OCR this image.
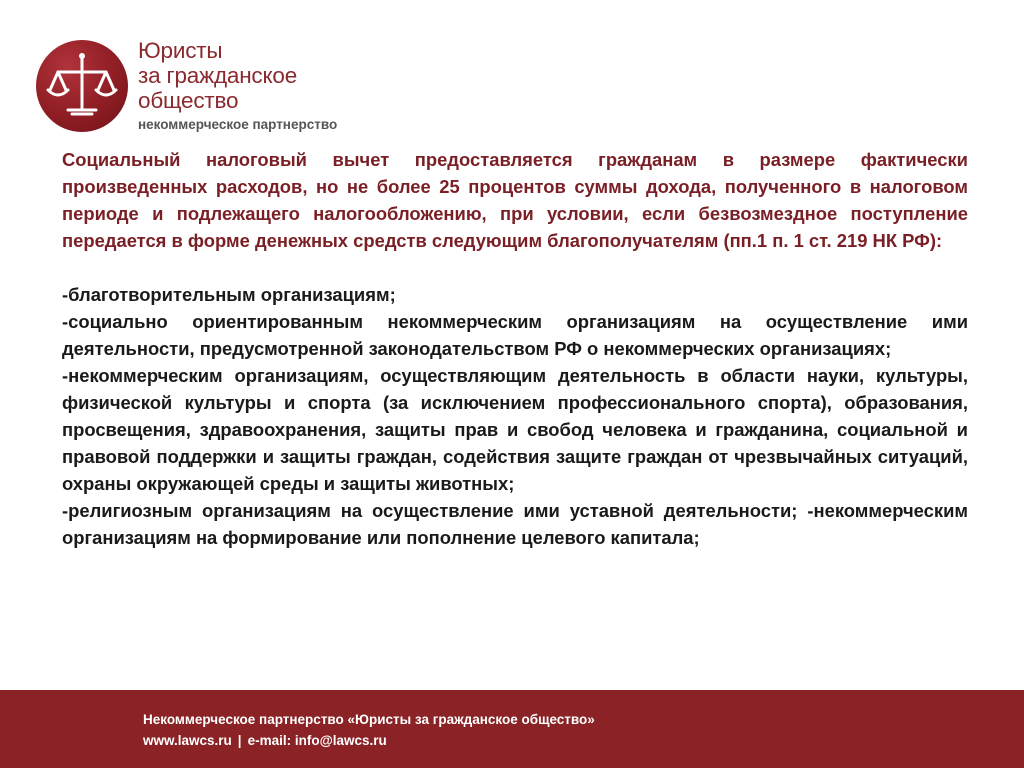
Юристы
за гражданское
общество
некоммерческое партнерство

Социальный налоговый вычет предоставляется гражданам в размере фактически произведенных расходов, но не более 25 процентов суммы дохода, полученного в налоговом периоде и подлежащего налогообложению, при условии, если безвозмездное поступление передается в форме денежных средств следующим благополучателям (пп.1 п. 1 ст. 219 НК РФ):

-благотворительным организациям;

-социально ориентированным некоммерческим организациям на осуществление ими деятельности, предусмотренной законодательством РФ о некоммерческих организациях;

-некоммерческим организациям, осуществляющим деятельность в области науки, культуры, физической культуры и спорта (за исключением профессионального спорта), образования, просвещения, здравоохранения, защиты прав и свобод человека и гражданина, социальной и правовой поддержки и защиты граждан, содействия защите граждан от чрезвычайных ситуаций, охраны окружающей среды и защиты животных;

-религиозным организациям на осуществление ими уставной деятельности; -некоммерческим организациям на формирование или пополнение целевого капитала;

Некоммерческое партнерство «Юристы за гражданское общество»
www.lawcs.ru | e-mail: info@lawcs.ru
